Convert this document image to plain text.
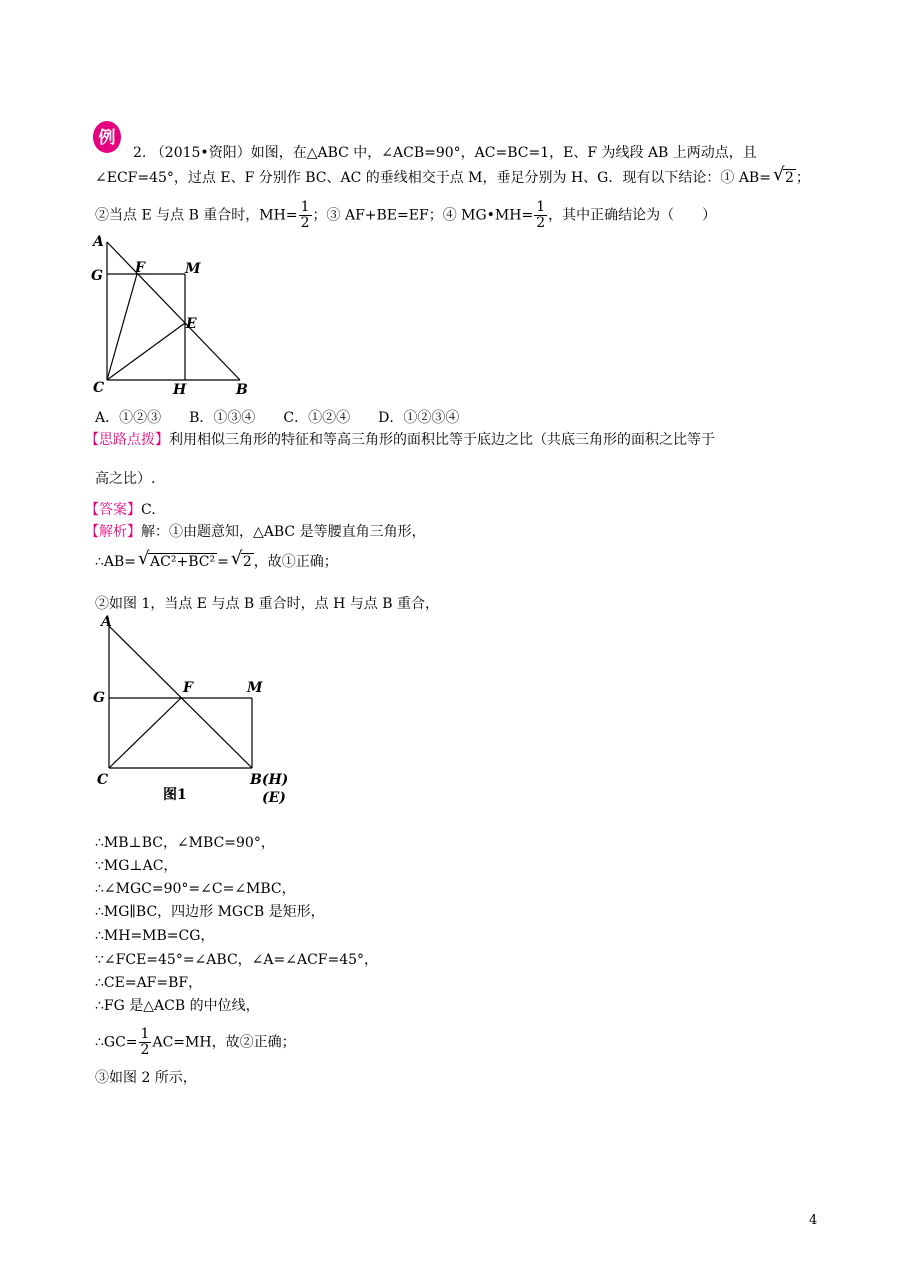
例
2. （2015•资阳）如图，在△ABC 中，∠ACB=90°，AC=BC=1，E、F 为线段 AB 上两动点，且
∠ECF=45°，过点 E、F 分别作 BC、AC 的垂线相交于点 M，垂足分别为 H、G．现有以下结论：① AB= √ 2 ；
②当点 E 与点 B 重合时，$MH= \frac{1}{2}$ ；③ AF+BE=EF；④ MG•MH= $\frac{1}{2}$ ，其中正确结论为（　　）
A
G F	M
E
C	H	B
A．①②③　　B．①③④　　C．①②④　　D．①②③④
【思路点拨】利用相似三角形的特征和等高三角形的面积比等于底边之比（共底三角形的面积之比等于
高之比）.
【答案】C.
【解析】解：①由题意知，△ABC 是等腰直角三角形，
∴AB= √ AC²+BC² = √ 2 ，故①正确；
②如图 1，当点 E 与点 B 重合时，点 H 与点 B 重合，
A
G
F	M
C	B(H)
(E)
图1
∴MB⊥BC，∠MBC=90°，
∵MG⊥AC，
∴∠MGC=90°=∠C=∠MBC，
∴MG∥BC，四边形 MGCB 是矩形，
∴MH=MB=CG，
∵∠FCE=45°=∠ABC，∠A=∠ACF=45°，
∴CE=AF=BF，
∴FG 是△ACB 的中位线，
∴GC= $\frac{1}{2} AC=MH$，故②正确；
③如图 2 所示，
4
